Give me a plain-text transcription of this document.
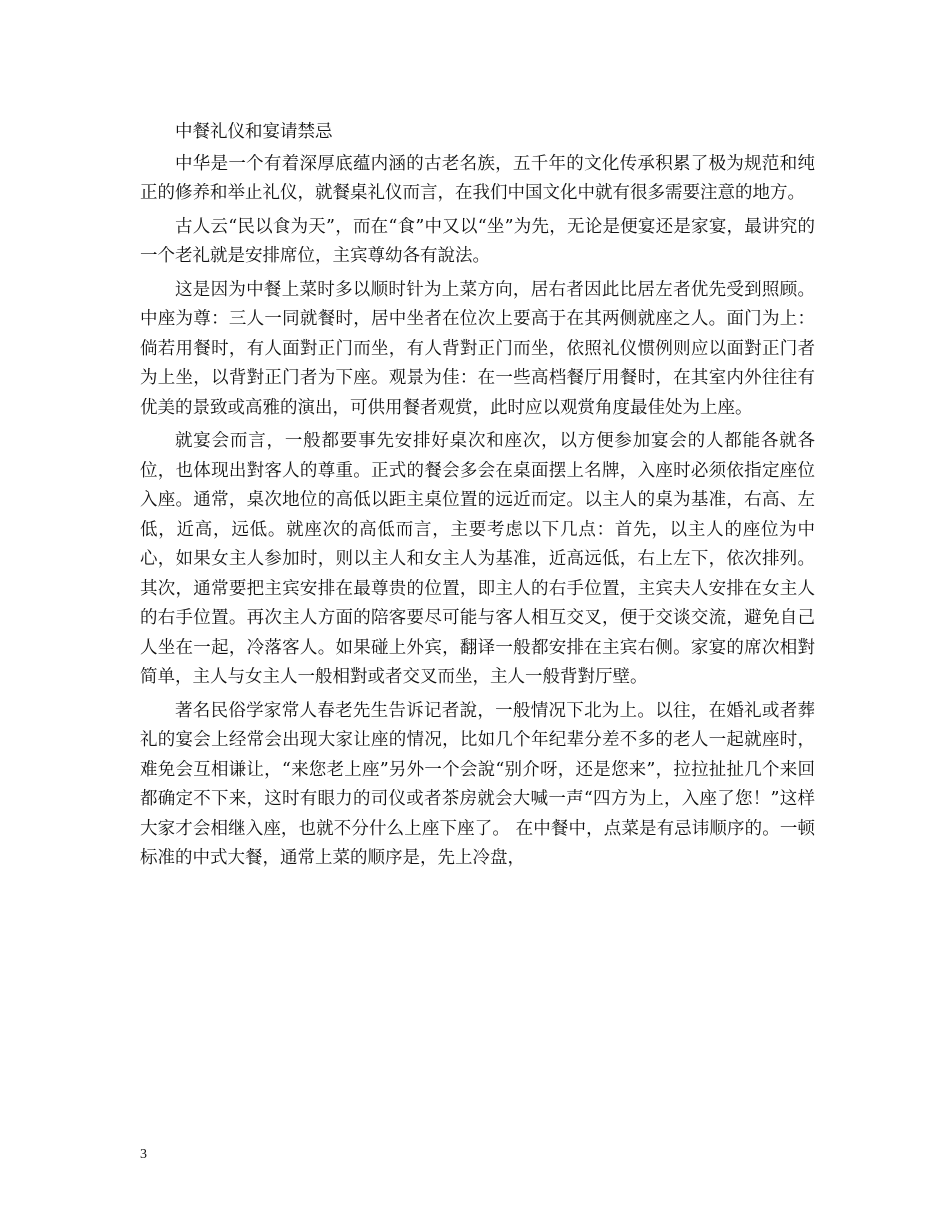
中餐礼仪和宴请禁忌

中华是一个有着深厚底蕴内涵的古老名族，五千年的文化传承积累了极为规范和纯正的修养和举止礼仪，就餐桌礼仪而言，在我们中国文化中就有很多需要注意的地方。

古人云“民以食为天”，而在“食”中又以“坐”为先，无论是便宴还是家宴，最讲究的一个老礼就是安排席位，主宾尊幼各有說法。

这是因为中餐上菜时多以顺时针为上菜方向，居右者因此比居左者优先受到照顾。中座为尊：三人一同就餐时，居中坐者在位次上要高于在其两侧就座之人。面门为上：倘若用餐时，有人面對正门而坐，有人背對正门而坐，依照礼仪惯例则应以面對正门者为上坐，以背對正门者为下座。观景为佳：在一些高档餐厅用餐时，在其室内外往往有优美的景致或高雅的演出，可供用餐者观赏，此时应以观赏角度最佳处为上座。

就宴会而言，一般都要事先安排好桌次和座次，以方便参加宴会的人都能各就各位，也体现出對客人的尊重。正式的餐会多会在桌面摆上名牌，入座时必须依指定座位入座。通常，桌次地位的高低以距主桌位置的远近而定。以主人的桌为基准，右高、左低，近高，远低。就座次的高低而言，主要考虑以下几点：首先，以主人的座位为中心，如果女主人参加时，则以主人和女主人为基准，近高远低，右上左下，依次排列。其次，通常要把主宾安排在最尊贵的位置，即主人的右手位置，主宾夫人安排在女主人的右手位置。再次主人方面的陪客要尽可能与客人相互交叉，便于交谈交流，避免自己人坐在一起，冷落客人。如果碰上外宾，翻译一般都安排在主宾右侧。家宴的席次相對简单，主人与女主人一般相對或者交叉而坐，主人一般背對厅壁。

著名民俗学家常人春老先生告诉记者說，一般情况下北为上。以往，在婚礼或者葬礼的宴会上经常会出现大家让座的情况，比如几个年纪辈分差不多的老人一起就座时，难免会互相谦让，“来您老上座”另外一个会說“别介呀，还是您来”，拉拉扯扯几个来回都确定不下来，这时有眼力的司仪或者茶房就会大喊一声“四方为上，入座了您！”这样大家才会相继入座，也就不分什么上座下座了。 在中餐中，点菜是有忌讳顺序的。一顿标准的中式大餐，通常上菜的顺序是，先上冷盘，

3
